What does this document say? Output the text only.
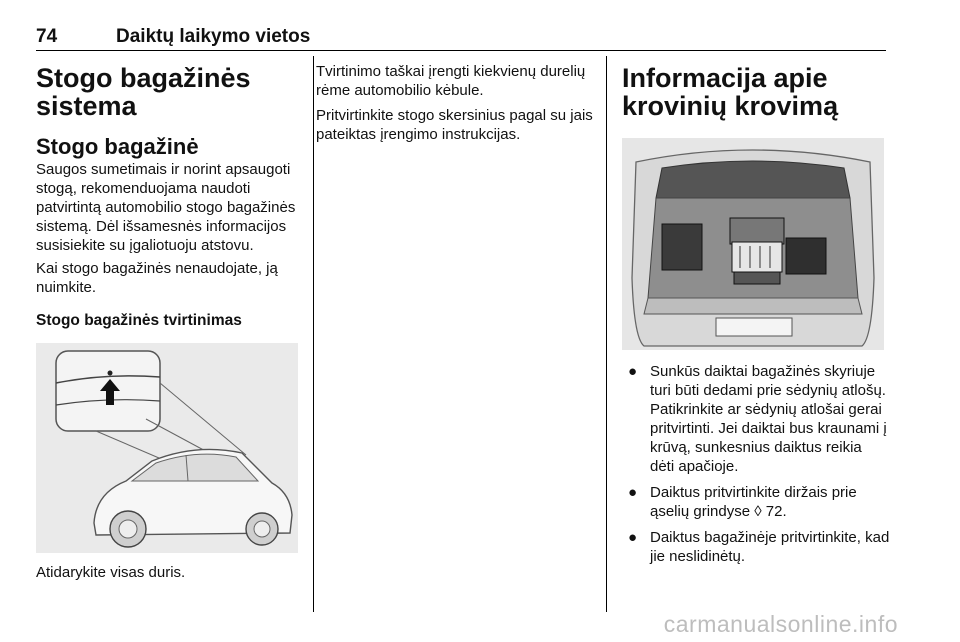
74	Daiktų laikymo vietos
Stogo bagažinės sistema
Stogo bagažinė

Saugos sumetimais ir norint apsaugoti stogą, rekomenduojama naudoti patvirtintą automobilio stogo bagažinės sistemą. Dėl išsamesnės informacijos susisiekite su įgaliotuoju atstovu.

Kai stogo bagažinės nenaudojate, ją nuimkite.

Stogo bagažinės tvirtinimas

Atidarykite visas duris.

Tvirtinimo taškai įrengti kiekvienų durelių rėme automobilio kėbule.

Pritvirtinkite stogo skersinius pagal su jais pateiktas įrengimo instrukcijas.

Informacija apie krovinių krovimą
● Sunkūs daiktai bagažinės skyriuje turi būti dedami prie sėdynių atlošų. Patikrinkite ar sėdynių atlošai gerai pritvirtinti. Jei daiktai bus kraunami į krūvą, sunkesnius daiktus reikia dėti apačioje.
● Daiktus pritvirtinkite diržais prie ąselių grindyse ◊ 72.
● Daiktus bagažinėje pritvirtinkite, kad jie neslidinėtų.
carmanualsonline.info
